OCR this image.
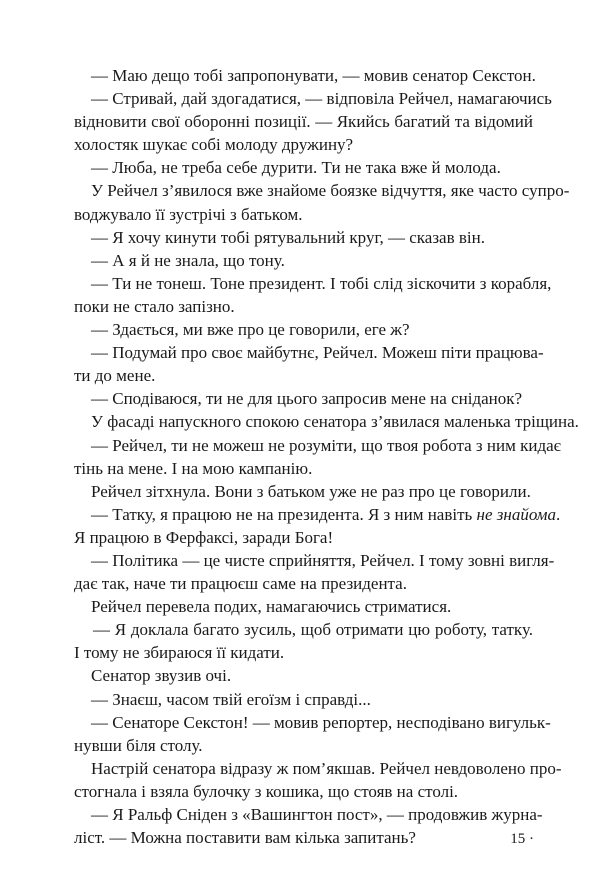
— Маю дещо тобі запропонувати, — мовив сенатор Секстон.
— Стривай, дай здогадатися, — відповіла Рейчел, намагаючись
відновити свої оборонні позиції. — Якийсь багатий та відомий
холостяк шукає собі молоду дружину?
— Люба, не треба себе дурити. Ти не така вже й молода.
У Рейчел з’явилося вже знайоме боязке відчуття, яке часто супро-
воджувало її зустрічі з батьком.
— Я хочу кинути тобі рятувальний круг, — сказав він.
— А я й не знала, що тону.
— Ти не тонеш. Тоне президент. І тобі слід зіскочити з корабля,
поки не стало запізно.
— Здається, ми вже про це говорили, еге ж?
— Подумай про своє майбутнє, Рейчел. Можеш піти працюва-
ти до мене.
— Сподіваюся, ти не для цього запросив мене на сніданок?
У фасаді напускного спокою сенатора з’явилася маленька тріщина.
— Рейчел, ти не можеш не розуміти, що твоя робота з ним кидає
тінь на мене. І на мою кампанію.
Рейчел зітхнула. Вони з батьком уже не раз про це говорили.
— Татку, я працюю не на президента. Я з ним навіть не знайома.
Я працюю в Ферфаксі, заради Бога!
— Політика — це чисте сприйняття, Рейчел. І тому зовні вигля-
дає так, наче ти працюєш саме на президента.
Рейчел перевела подих, намагаючись стриматися.
— Я доклала багато зусиль, щоб отримати цю роботу, татку.
І тому не збираюся її кидати.
Сенатор звузив очі.
— Знаєш, часом твій егоїзм і справді...
— Сенаторе Секстон! — мовив репортер, несподівано вигульк-
нувши біля столу.
Настрій сенатора відразу ж пом’якшав. Рейчел невдоволено про-
стогнала і взяла булочку з кошика, що стояв на столі.
— Я Ральф Сніден з «Вашингтон пост», — продовжив журна-
ліст. — Можна поставити вам кілька запитань?	15 ·
